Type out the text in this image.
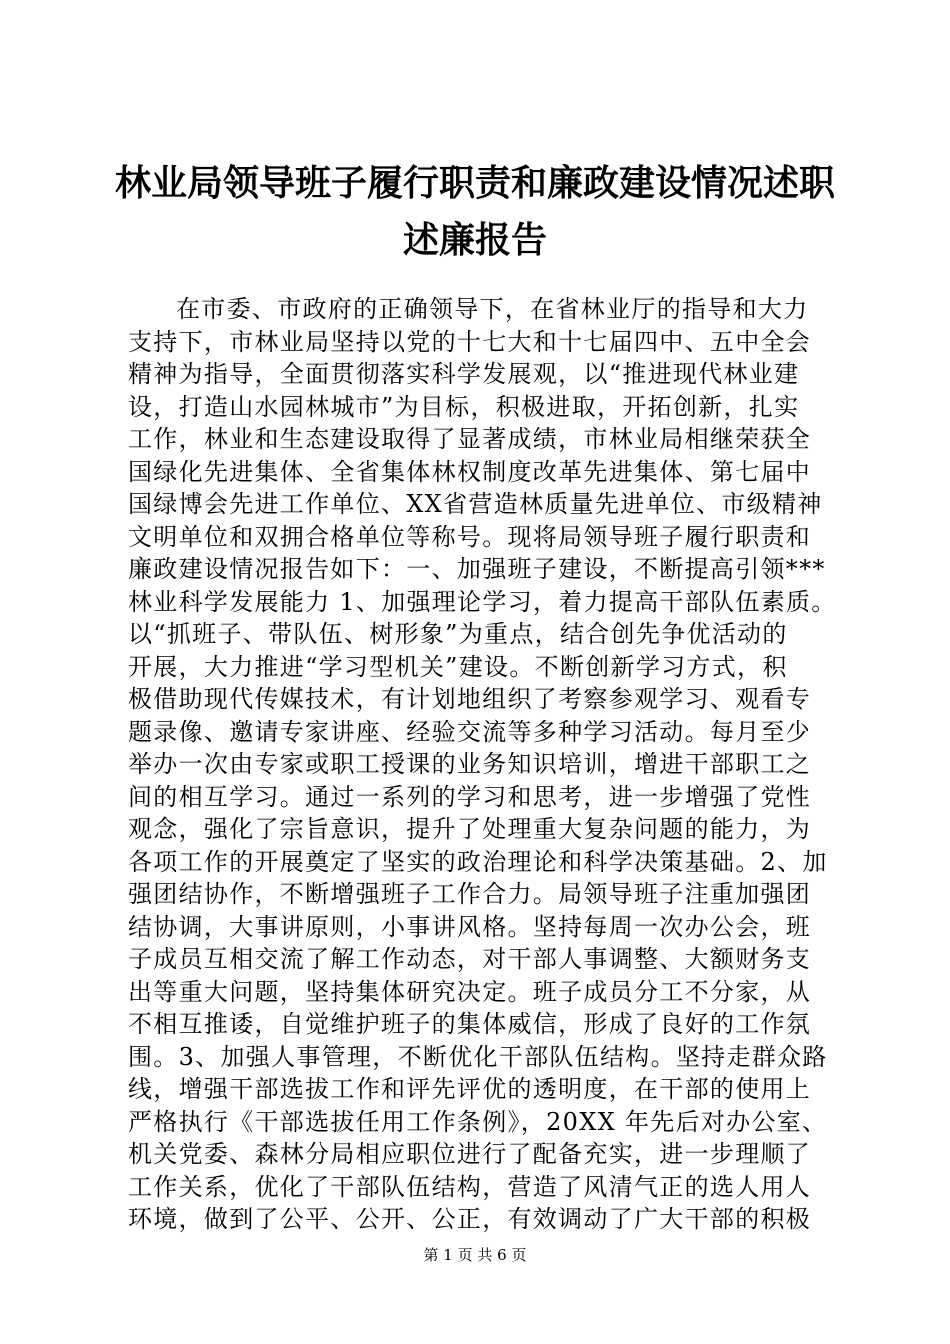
林业局领导班子履行职责和廉政建设情况述职
述廉报告
在市委、市政府的正确领导下，在省林业厅的指导和大力
支持下，市林业局坚持以党的十七大和十七届四中、五中全会
精神为指导，全面贯彻落实科学发展观，以“推进现代林业建
设，打造山水园林城市”为目标，积极进取，开拓创新，扎实
工作，林业和生态建设取得了显著成绩，市林业局相继荣获全
国绿化先进集体、全省集体林权制度改革先进集体、第七届中
国绿博会先进工作单位、XX省营造林质量先进单位、市级精神
文明单位和双拥合格单位等称号。现将局领导班子履行职责和
廉政建设情况报告如下：一、加强班子建设，不断提高引领***
林业科学发展能力 1、加强理论学习，着力提高干部队伍素质。
以“抓班子、带队伍、树形象”为重点，结合创先争优活动的
开展，大力推进“学习型机关”建设。不断创新学习方式，积
极借助现代传媒技术，有计划地组织了考察参观学习、观看专
题录像、邀请专家讲座、经验交流等多种学习活动。每月至少
举办一次由专家或职工授课的业务知识培训，增进干部职工之
间的相互学习。通过一系列的学习和思考，进一步增强了党性
观念，强化了宗旨意识，提升了处理重大复杂问题的能力，为
各项工作的开展奠定了坚实的政治理论和科学决策基础。2、加
强团结协作，不断增强班子工作合力。局领导班子注重加强团
结协调，大事讲原则，小事讲风格。坚持每周一次办公会，班
子成员互相交流了解工作动态，对干部人事调整、大额财务支
出等重大问题，坚持集体研究决定。班子成员分工不分家，从
不相互推诿，自觉维护班子的集体威信，形成了良好的工作氛
围。3、加强人事管理，不断优化干部队伍结构。坚持走群众路
线，增强干部选拔工作和评先评优的透明度，在干部的使用上
严格执行《干部选拔任用工作条例》，20XX 年先后对办公室、
机关党委、森林分局相应职位进行了配备充实，进一步理顺了
工作关系，优化了干部队伍结构，营造了风清气正的选人用人
环境，做到了公平、公开、公正，有效调动了广大干部的积极
第 1 页 共 6 页
